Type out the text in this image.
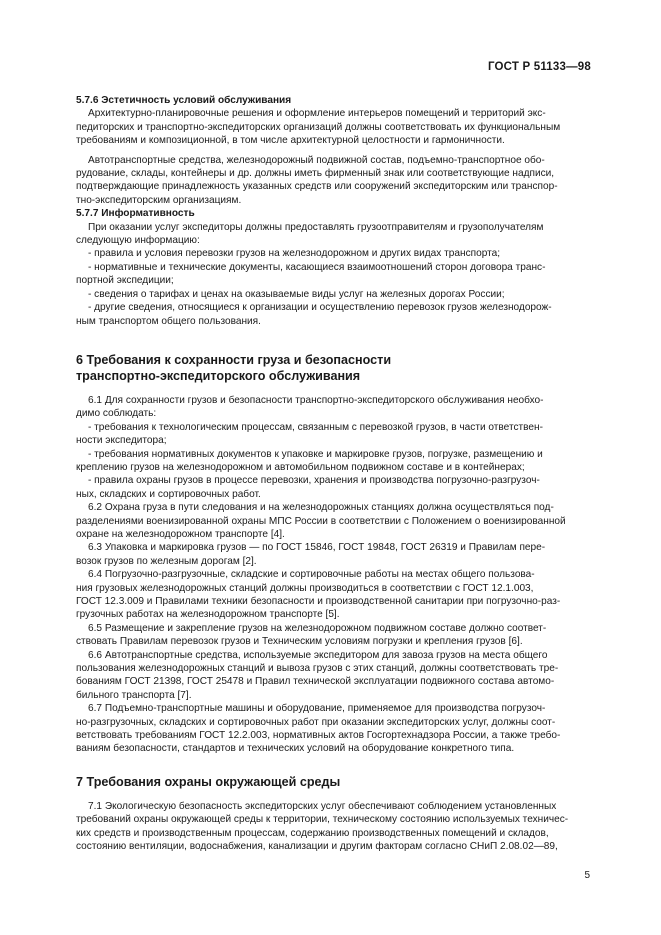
ГОСТ Р 51133—98
5.7.6 Эстетичность условий обслуживания
Архитектурно-планировочные решения и оформление интерьеров помещений и территорий экс-
педиторских и транспортно-экспедиторских организаций должны соответствовать их функциональным
требованиям и композиционной, в том числе архитектурной целостности и гармоничности.
Автотранспортные средства, железнодорожный подвижной состав, подъемно-транспортное обо-
рудование, склады, контейнеры и др. должны иметь фирменный знак или соответствующие надписи,
подтверждающие принадлежность указанных средств или сооружений экспедиторским или транспор-
тно-экспедиторским организациям.
5.7.7 Информативность
При оказании услуг экспедиторы должны предоставлять грузоотправителям и грузополучателям
следующую информацию:
- правила и условия перевозки грузов на железнодорожном и других видах транспорта;
- нормативные и технические документы, касающиеся взаимоотношений сторон договора транс-
портной экспедиции;
- сведения о тарифах и ценах на оказываемые виды услуг на железных дорогах России;
- другие сведения, относящиеся к организации и осуществлению перевозок грузов железнодорож-
ным транспортом общего пользования.
6 Требования к сохранности груза и безопасности
транспортно-экспедиторского обслуживания
6.1 Для сохранности грузов и безопасности транспортно-экспедиторского обслуживания необхо-
димо соблюдать:
- требования к технологическим процессам, связанным с перевозкой грузов, в части ответствен-
ности экспедитора;
- требования нормативных документов к упаковке и маркировке грузов, погрузке, размещению и
креплению грузов на железнодорожном и автомобильном подвижном составе и в контейнерах;
- правила охраны грузов в процессе перевозки, хранения и производства погрузочно-разгрузоч-
ных, складских и сортировочных работ.
6.2 Охрана груза в пути следования и на железнодорожных станциях должна осуществляться под-
разделениями военизированной охраны МПС России в соответствии с Положением о военизированной
охране на железнодорожном транспорте [4].
6.3 Упаковка и маркировка грузов — по ГОСТ 15846, ГОСТ 19848, ГОСТ 26319 и Правилам пере-
возок грузов по железным дорогам [2].
6.4 Погрузочно-разгрузочные, складские и сортировочные работы на местах общего пользова-
ния грузовых железнодорожных станций должны производиться в соответствии с ГОСТ 12.1.003,
ГОСТ 12.3.009 и Правилами техники безопасности и производственной санитарии при погрузочно-раз-
грузочных работах на железнодорожном транспорте [5].
6.5 Размещение и закрепление грузов на железнодорожном подвижном составе должно соответ-
ствовать Правилам перевозок грузов и Техническим условиям погрузки и крепления грузов [6].
6.6 Автотранспортные средства, используемые экспедитором для завоза грузов на места общего
пользования железнодорожных станций и вывоза грузов с этих станций, должны соответствовать тре-
бованиям ГОСТ 21398, ГОСТ 25478 и Правил технической эксплуатации подвижного состава автомо-
бильного транспорта [7].
6.7 Подъемно-транспортные машины и оборудование, применяемое для производства погрузоч-
но-разгрузочных, складских и сортировочных работ при оказании экспедиторских услуг, должны соот-
ветствовать требованиям ГОСТ 12.2.003, нормативных актов Госгортехнадзора России, а также требо-
ваниям безопасности, стандартов и технических условий на оборудование конкретного типа.
7 Требования охраны окружающей среды
7.1 Экологическую безопасность экспедиторских услуг обеспечивают соблюдением установленных
требований охраны окружающей среды к территории, техническому состоянию используемых техничес-
ких средств и производственным процессам, содержанию производственных помещений и складов,
состоянию вентиляции, водоснабжения, канализации и другим факторам согласно СНиП 2.08.02—89,
5
